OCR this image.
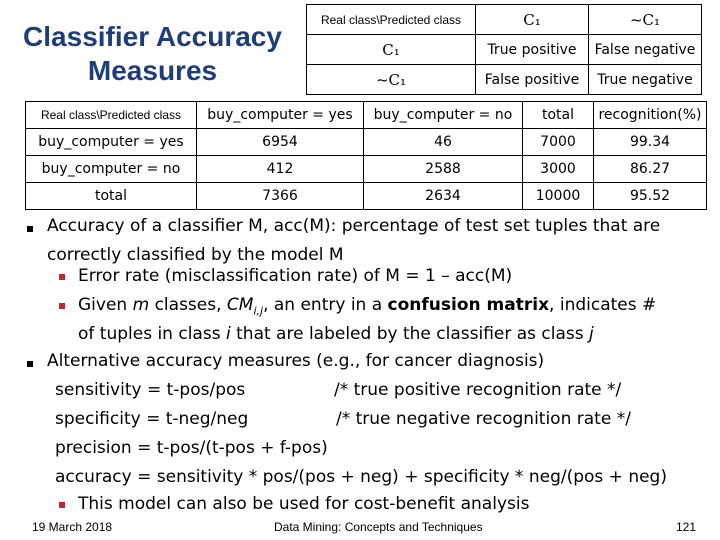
Classifier Accuracy
Measures
Real class\Predicted class	C₁	~C₁
C₁	True positive	False negative
~C₁	False positive	True negative
Real class\Predicted class	buy_computer = yes	buy_computer = no	total	recognition(%)
buy_computer = yes	6954	46	7000	99.34
buy_computer = no	412	2588	3000	86.27
total	7366	2634	10000	95.52
Accuracy of a classifier M, acc(M): percentage of test set tuples that are
correctly classified by the model M
Error rate (misclassification rate) of M = 1 – acc(M)
Given m classes, $CM_{i,j}$, an entry in a confusion matrix, indicates #
of tuples in class i that are labeled by the classifier as class j
Alternative accuracy measures (e.g., for cancer diagnosis)
sensitivity = t-pos/pos	/* true positive recognition rate */
specificity = t-neg/neg	/* true negative recognition rate */
precision = t-pos/(t-pos + f-pos)
accuracy = sensitivity * pos/(pos + neg) + specificity * neg/(pos + neg)
This model can also be used for cost-benefit analysis
19 March 2018	Data Mining: Concepts and Techniques	121
